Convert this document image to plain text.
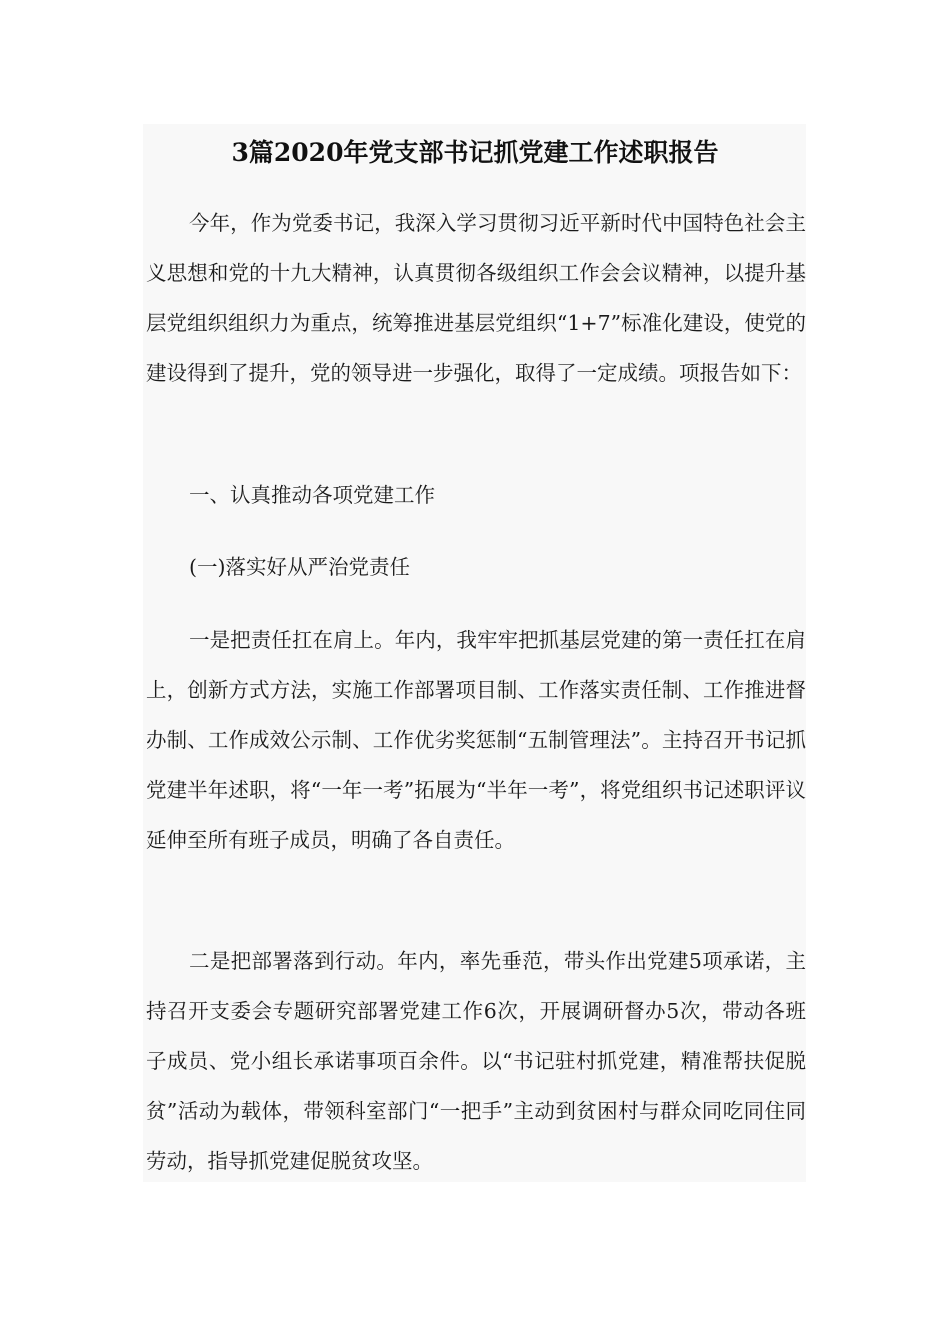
3篇2020年党支部书记抓党建工作述职报告

今年，作为党委书记，我深入学习贯彻习近平新时代中国特色社会主义思想和党的十九大精神，认真贯彻各级组织工作会会议精神，以提升基层党组织组织力为重点，统筹推进基层党组织“1+7”标准化建设，使党的建设得到了提升，党的领导进一步强化，取得了一定成绩。项报告如下：

一、认真推动各项党建工作

(一)落实好从严治党责任

一是把责任扛在肩上。年内，我牢牢把抓基层党建的第一责任扛在肩上，创新方式方法，实施工作部署项目制、工作落实责任制、工作推进督办制、工作成效公示制、工作优劣奖惩制“五制管理法”。主持召开书记抓党建半年述职，将“一年一考”拓展为“半年一考”，将党组织书记述职评议延伸至所有班子成员，明确了各自责任。

二是把部署落到行动。年内，率先垂范，带头作出党建5项承诺，主持召开支委会专题研究部署党建工作6次，开展调研督办5次，带动各班子成员、党小组长承诺事项百余件。以“书记驻村抓党建，精准帮扶促脱贫”活动为载体，带领科室部门“一把手”主动到贫困村与群众同吃同住同劳动，指导抓党建促脱贫攻坚。
